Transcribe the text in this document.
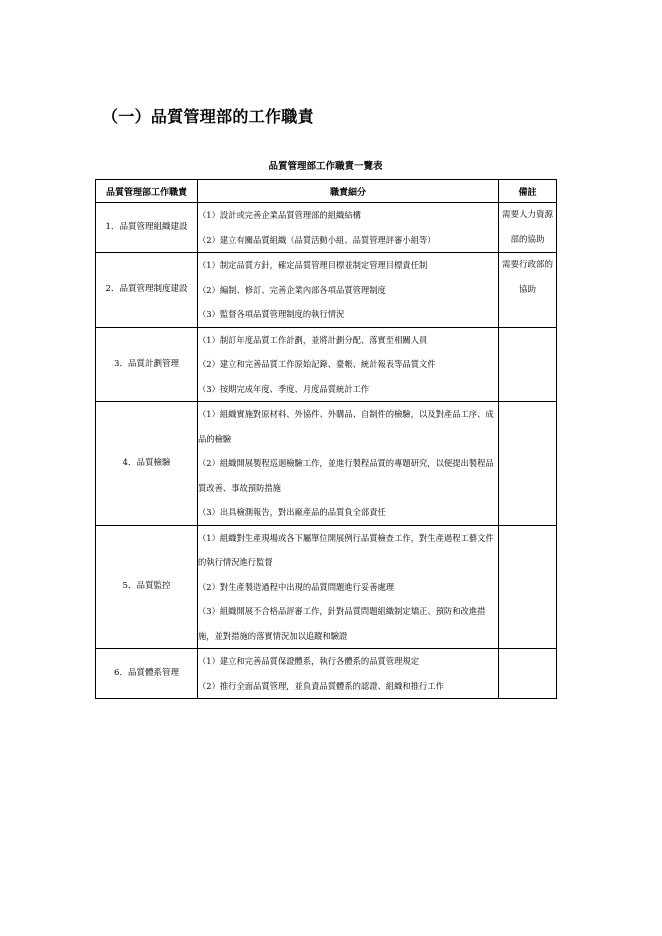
（一）品質管理部的工作職責
品質管理部工作職責一覽表
品質管理部工作職責	職責細分	備註
1．品質管理組織建設	（1）設計或完善企業品質管理部的組織結構
（2）建立有關品質組織（品質活動小組、品質管理評審小組等）	需要人力資源部的協助
2．品質管理制度建設	（1）制定品質方針，確定品質管理目標並制定管理目標責任制
（2）編制、修訂、完善企業內部各項品質管理制度
（3）監督各項品質管理制度的執行情況	需要行政部的協助
3．品質計劃管理	（1）制訂年度品質工作計劃，並將計劃分配、落實至相關人員
（2）建立和完善品質工作原始記錄、臺帳、統計報表等品質文件
（3）按期完成年度、季度、月度品質統計工作	

4．品質檢驗	（1）組織實施對原材料、外協件、外購品、自制件的檢驗，以及對產品工序、成品的檢驗
（2）組織開展製程巡迴檢驗工作，並進行製程品質的專題研究，以便提出製程品質改善、事故預防措施
（3）出具檢測報告，對出廠產品的品質負全部責任	

5．品質監控	（1）組織對生產現場或各下屬單位開展例行品質檢查工作，對生產過程工藝文件的執行情況進行監督
（2）對生產製造過程中出現的品質問題進行妥善處理
（3）組織開展不合格品評審工作，針對品質問題組織制定矯正、預防和改進措施，並對措施的落實情況加以追蹤和驗證	

6．品質體系管理	（1）建立和完善品質保證體系，執行各體系的品質管理規定
（2）推行全面品質管理，並負責品質體系的認證、組織和推行工作	
